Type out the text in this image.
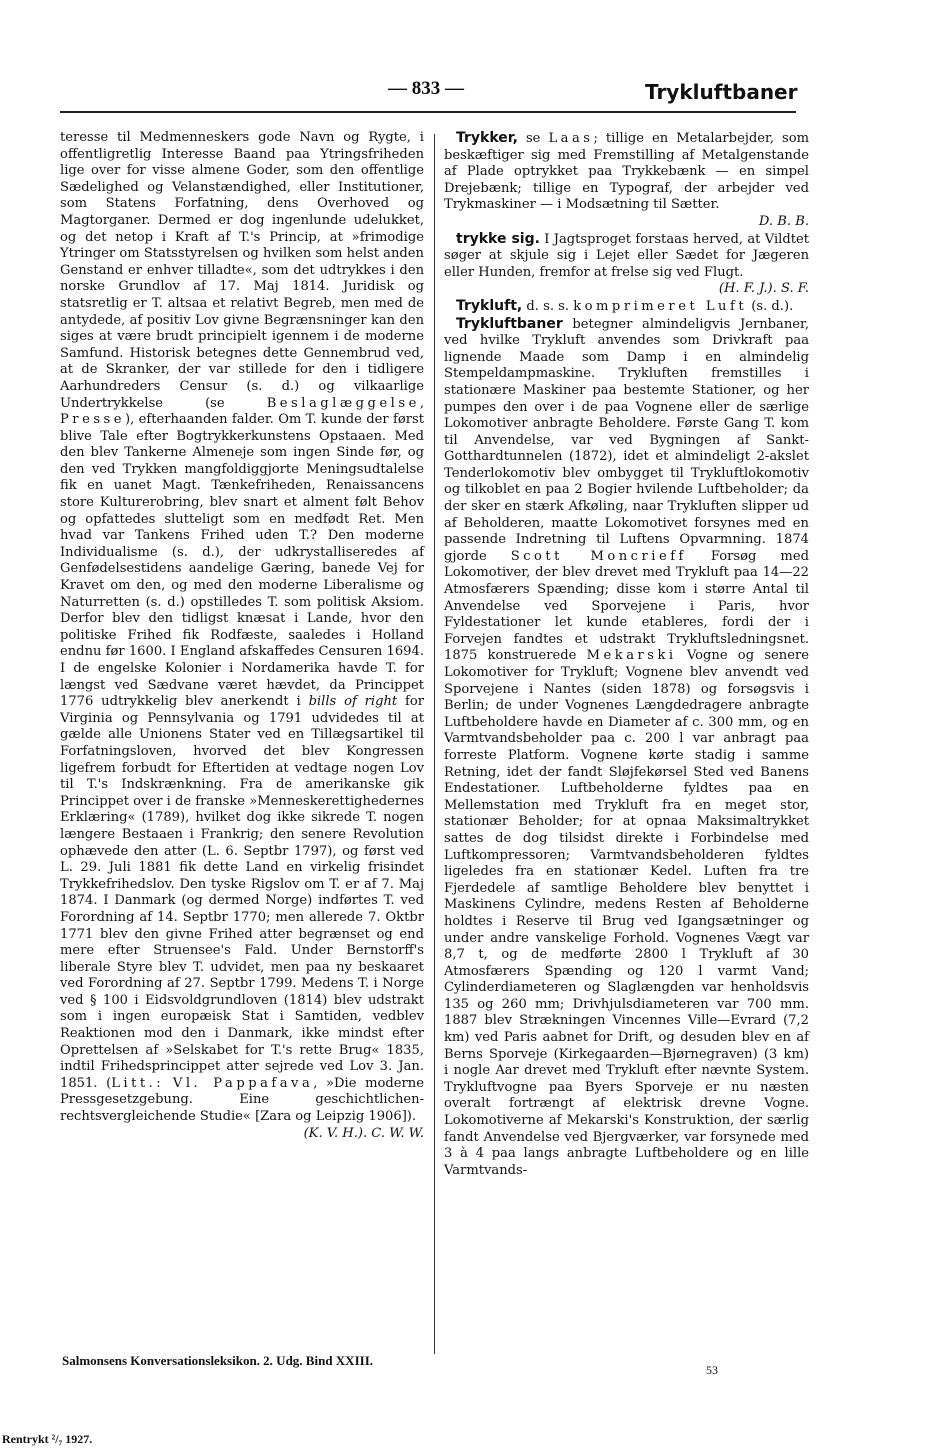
— 833 —	Trykluftbaner

teresse til Medmenneskers gode Navn og Rygte, i offentligretlig Interesse Baand paa Ytringsfriheden lige over for visse almene Goder, som den offentlige Sædelighed og Velanstændighed, eller Institutioner, som Statens Forfatning, dens Overhoved og Magtorganer. Dermed er dog ingenlunde udelukket, og det netop i Kraft af T.'s Princip, at »frimodige Ytringer om Statsstyrelsen og hvilken som helst anden Genstand er enhver tilladte«, som det udtrykkes i den norske Grundlov af 17. Maj 1814. Juridisk og statsretlig er T. altsaa et relativt Begreb, men med de antydede, af positiv Lov givne Begrænsninger kan den siges at være brudt principielt igennem i de moderne Samfund. Historisk betegnes dette Gennembrud ved, at de Skranker, der var stillede for den i tidligere Aarhundreders Censur (s. d.) og vilkaarlige Undertrykkelse (se Beslaglæggelse, Presse), efterhaanden falder. Om T. kunde der først blive Tale efter Bogtrykkerkunstens Opstaaen. Med den blev Tankerne Almeneje som ingen Sinde før, og den ved Trykken mangfoldiggjorte Meningsudtalelse fik en uanet Magt. Tænkefriheden, Renaissancens store Kulturerobring, blev snart et alment følt Behov og opfattedes slutteligt som en medfødt Ret. Men hvad var Tankens Frihed uden T.? Den moderne Individualisme (s. d.), der udkrystalliseredes af Genfødelsestidens aandelige Gæring, banede Vej for Kravet om den, og med den moderne Liberalisme og Naturretten (s. d.) opstilledes T. som politisk Aksiom. Derfor blev den tidligst knæsat i Lande, hvor den politiske Frihed fik Rodfæste, saaledes i Holland endnu før 1600. I England afskaffedes Censuren 1694. I de engelske Kolonier i Nordamerika havde T. for længst ved Sædvane været hævdet, da Princippet 1776 udtrykkelig blev anerkendt i bills of right for Virginia og Pennsylvania og 1791 udvidedes til at gælde alle Unionens Stater ved en Tillægsartikel til Forfatningsloven, hvorved det blev Kongressen ligefrem forbudt for Eftertiden at vedtage nogen Lov til T.'s Indskrænkning. Fra de amerikanske gik Princippet over i de franske »Menneskerettighedernes Erklæring« (1789), hvilket dog ikke sikrede T. nogen længere Bestaaen i Frankrig; den senere Revolution ophævede den atter (L. 6. Septbr 1797), og først ved L. 29. Juli 1881 fik dette Land en virkelig frisindet Trykkefrihedslov. Den tyske Rigslov om T. er af 7. Maj 1874. I Danmark (og dermed Norge) indførtes T. ved Forordning af 14. Septbr 1770; men allerede 7. Oktbr 1771 blev den givne Frihed atter begrænset og end mere efter Struensee's Fald. Under Bernstorff's liberale Styre blev T. udvidet, men paa ny beskaaret ved Forordning af 27. Septbr 1799. Medens T. i Norge ved § 100 i Eidsvoldgrundloven (1814) blev udstrakt som i ingen europæisk Stat i Samtiden, vedblev Reaktionen mod den i Danmark, ikke mindst efter Oprettelsen af »Selskabet for T.'s rette Brug« 1835, indtil Frihedsprincippet atter sejrede ved Lov 3. Jan. 1851. (Litt.: Vl. Pappafava, »Die moderne Pressgesetzgebung. Eine geschichtlichen-rechtsvergleichende Studie« [Zara og Leipzig 1906]).
(K. V. H.). C. W. W.

Trykker, se Laas; tillige en Metalarbejder, som beskæftiger sig med Fremstilling af Metalgenstande af Plade optrykket paa Trykkebænk — en simpel Drejebænk; tillige en Typograf, der arbejder ved Trykmaskiner — i Modsætning til Sætter.
D. B. B.

trykke sig. I Jagtsproget forstaas herved, at Vildtet søger at skjule sig i Lejet eller Sædet for Jægeren eller Hunden, fremfor at frelse sig ved Flugt.
(H. F. J.). S. F.

Trykluft, d. s. s. komprimeret Luft (s. d.).

Trykluftbaner betegner almindeligvis Jernbaner, ved hvilke Trykluft anvendes som Drivkraft paa lignende Maade som Damp i en almindelig Stempeldampmaskine. Trykluften fremstilles i stationære Maskiner paa bestemte Stationer, og her pumpes den over i de paa Vognene eller de særlige Lokomotiver anbragte Beholdere. Første Gang T. kom til Anvendelse, var ved Bygningen af Sankt-Gotthardtunnelen (1872), idet et almindeligt 2-akslet Tenderlokomotiv blev ombygget til Trykluftlokomotiv og tilkoblet en paa 2 Bogier hvilende Luftbeholder; da der sker en stærk Afkøling, naar Trykluften slipper ud af Beholderen, maatte Lokomotivet forsynes med en passende Indretning til Luftens Opvarmning. 1874 gjorde Scott Moncrieff Forsøg med Lokomotiver, der blev drevet med Trykluft paa 14—22 Atmosfærers Spænding; disse kom i større Antal til Anvendelse ved Sporvejene i Paris, hvor Fyldestationer let kunde etableres, fordi der i Forvejen fandtes et udstrakt Trykluftsledningsnet. 1875 konstruerede Mekarski Vogne og senere Lokomotiver for Trykluft; Vognene blev anvendt ved Sporvejene i Nantes (siden 1878) og forsøgsvis i Berlin; de under Vognenes Længdedragere anbragte Luftbeholdere havde en Diameter af c. 300 mm, og en Varmtvandsbeholder paa c. 200 l var anbragt paa forreste Platform. Vognene kørte stadig i samme Retning, idet der fandt Sløjfekørsel Sted ved Banens Endestationer. Luftbeholderne fyldtes paa en Mellemstation med Trykluft fra en meget stor, stationær Beholder; for at opnaa Maksimaltrykket sattes de dog tilsidst direkte i Forbindelse med Luftkompressoren; Varmtvandsbeholderen fyldtes ligeledes fra en stationær Kedel. Luften fra tre Fjerdedele af samtlige Beholdere blev benyttet i Maskinens Cylindre, medens Resten af Beholderne holdtes i Reserve til Brug ved Igangsætninger og under andre vanskelige Forhold. Vognenes Vægt var 8,7 t, og de medførte 2800 l Trykluft af 30 Atmosfærers Spænding og 120 l varmt Vand; Cylinderdiameteren og Slaglængden var henholdsvis 135 og 260 mm; Drivhjulsdiameteren var 700 mm. 1887 blev Strækningen Vincennes Ville—Evrard (7,2 km) ved Paris aabnet for Drift, og desuden blev en af Berns Sporveje (Kirkegaarden—Bjørnegraven) (3 km) i nogle Aar drevet med Trykluft efter nævnte System. Trykluftvogne paa Byers Sporveje er nu næsten overalt fortrængt af elektrisk drevne Vogne. Lokomotiverne af Mekarski's Konstruktion, der særlig fandt Anvendelse ved Bjergværker, var forsynede med 3 à 4 paa langs anbragte Luftbeholdere og en lille Varmtvands-

Salmonsens Konversationsleksikon. 2. Udg. Bind XXIII.
53
Rentrykt ²/₇ 1927.
